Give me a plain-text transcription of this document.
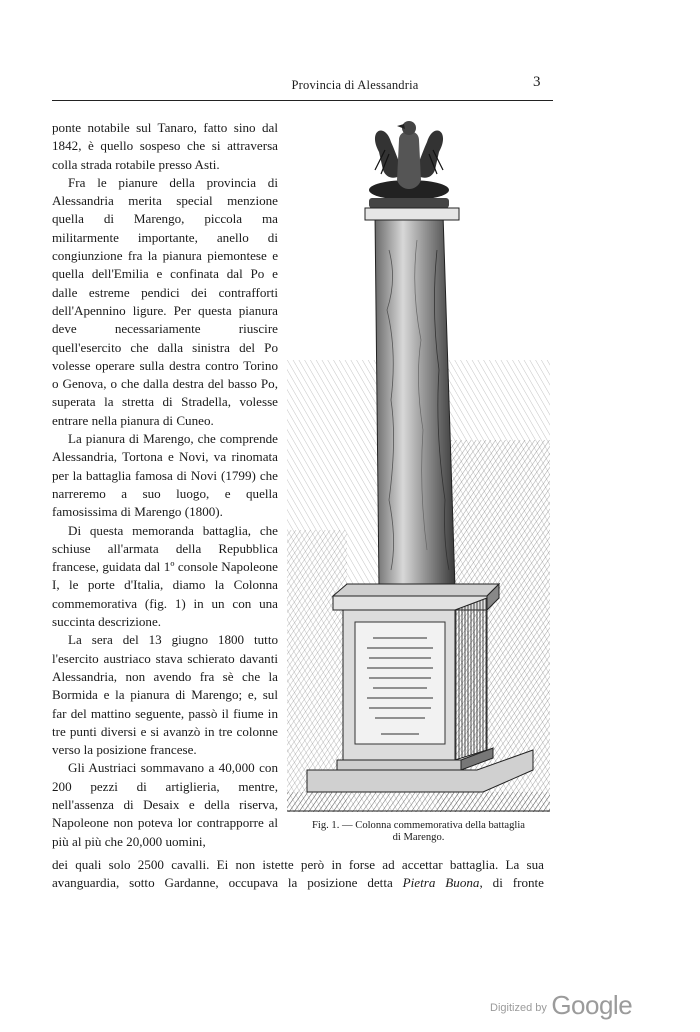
Provincia di Alessandria	3

ponte notabile sul Tanaro, fatto sino dal 1842, è quello sospeso che si attraversa colla strada rotabile presso Asti.

Fra le pianure della provincia di Alessandria merita special menzione quella di Marengo, piccola ma militarmente importante, anello di congiunzione fra la pianura piemontese e quella dell'Emilia e confinata dal Po e dalle estreme pendici dei contrafforti dell'Apennino ligure. Per questa pianura deve necessariamente riuscire quell'esercito che dalla sinistra del Po volesse operare sulla destra contro Torino o Genova, o che dalla destra del basso Po, superata la stretta di Stradella, volesse entrare nella pianura di Cuneo.

La pianura di Marengo, che comprende Alessandria, Tortona e Novi, va rinomata per la battaglia famosa di Novi (1799) che narreremo a suo luogo, e quella famosissima di Marengo (1800).

Di questa memoranda battaglia, che schiuse all'armata della Repubblica francese, guidata dal 1º console Napoleone I, le porte d'Italia, diamo la Colonna commemorativa (fig. 1) in un con una succinta descrizione.

La sera del 13 giugno 1800 tutto l'esercito austriaco stava schierato davanti Alessandria, non avendo fra sè che la Bormida e la pianura di Marengo; e, sul far del mattino seguente, passò il fiume in tre punti diversi e si avanzò in tre colonne verso la posizione francese.

Gli Austriaci sommavano a 40,000 con 200 pezzi di artiglieria, mentre, nell'assenza di Desaix e della riserva, Napoleone non poteva lor contrapporre al più al più che 20,000 uomini,

Fig. 1. — Colonna commemorativa della battaglia
di Marengo.

dei quali solo 2500 cavalli. Ei non istette però in forse ad accettar battaglia. La sua

avanguardia, sotto Gardanne, occupava la posizione detta Pietra Buona, di fronte

Digitized by Google
